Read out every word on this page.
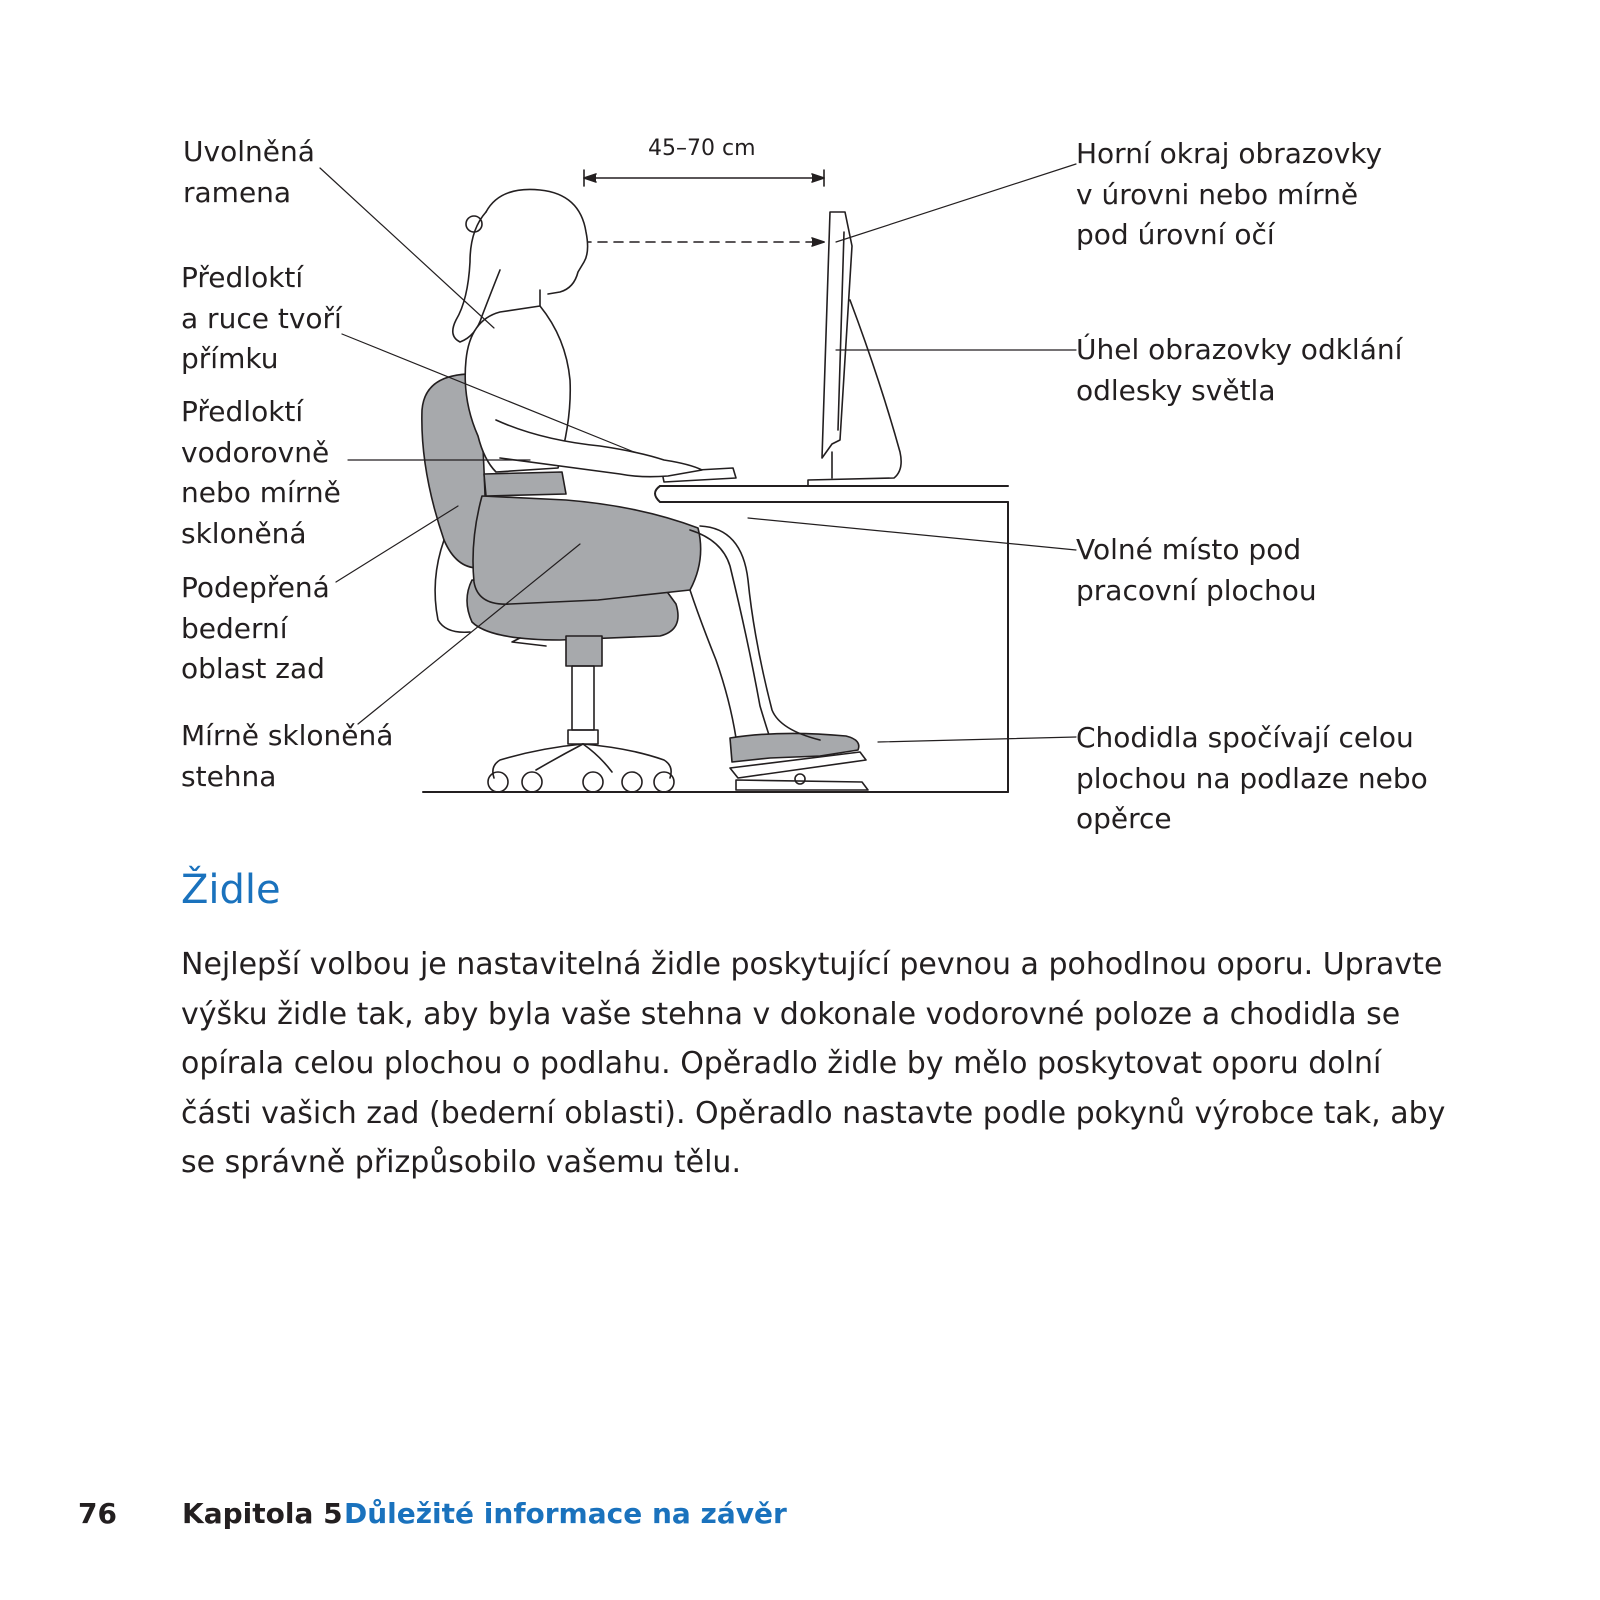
45–70 cm
Uvolněná
ramena
Předloktí
a ruce tvoří
přímku
Předloktí
vodorovně
nebo mírně
skloněná
Podepřená
bederní
oblast zad
Mírně skloněná
stehna
Horní okraj obrazovky
v úrovni nebo mírně
pod úrovní očí
Úhel obrazovky odklání
odlesky světla
Volné místo pod
pracovní plochou
Chodidla spočívají celou
plochou na podlaze nebo
opěrce
Židle

Nejlepší volbou je nastavitelná židle poskytující pevnou a pohodlnou oporu. Upravte
výšku židle tak, aby byla vaše stehna v dokonale vodorovné poloze a chodidla se
opírala celou plochou o podlahu. Opěradlo židle by mělo poskytovat oporu dolní
části vašich zad (bederní oblasti). Opěradlo nastavte podle pokynů výrobce tak, aby
se správně přizpůsobilo vašemu tělu.

76 Kapitola 5 Důležité informace na závěr
